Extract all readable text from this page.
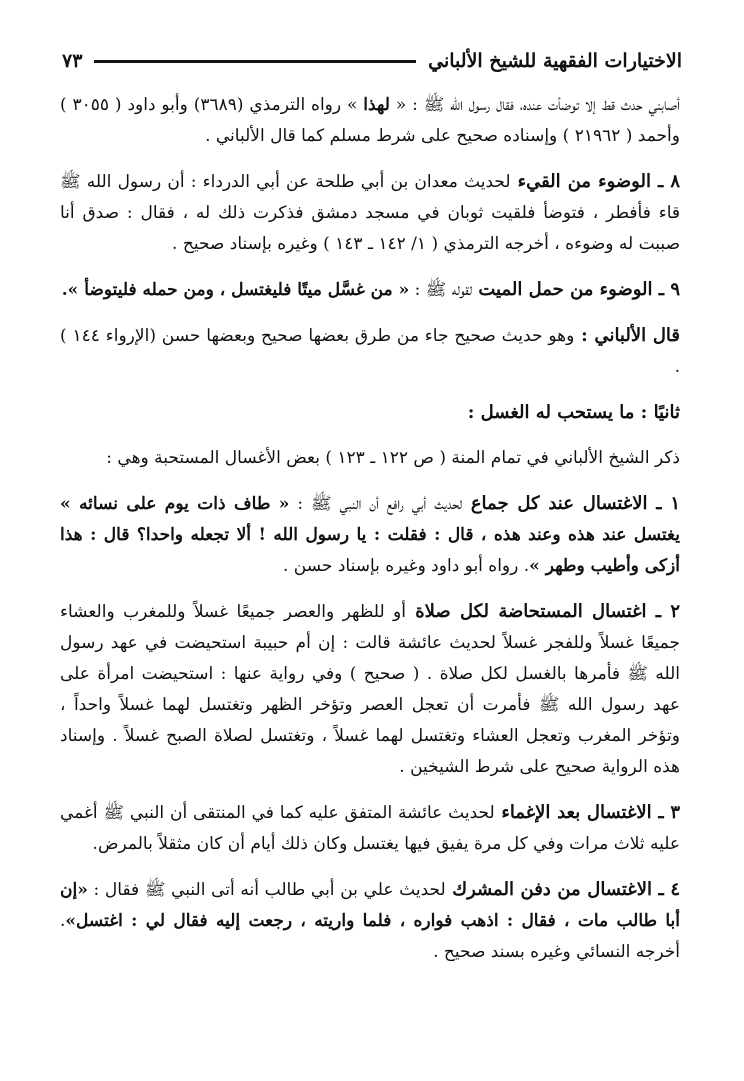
الاختيارات الفقهية للشيخ الألباني
٧٣

أصابني حدث قط إلا توضأت عنده، فقال رسول الله ﷺ : « لهذا » رواه الترمذي (٣٦٨٩) وأبو داود ( ٣٠٥٥ ) وأحمد ( ٢١٩٦٢ ) وإسناده صحيح على شرط مسلم كما قال الألباني .

٨ ـ الوضوء من القيء لحديث معدان بن أبي طلحة عن أبي الدرداء : أن رسول الله ﷺ قاء فأفطر ، فتوضأ فلقيت ثوبان في مسجد دمشق فذكرت ذلك له ، فقال : صدق أنا صببت له وضوءه ، أخرجه الترمذي ( ١/ ١٤٢ ـ ١٤٣ ) وغيره بإسناد صحيح .

٩ ـ الوضوء من حمل الميت لقوله ﷺ : « من غسَّل ميتًا فليغتسل ، ومن حمله فليتوضأ ».

قال الألباني : وهو حديث صحيح جاء من طرق بعضها صحيح وبعضها حسن (الإرواء ١٤٤ ) .

ثانيًا : ما يستحب له الغسل :

ذكر الشيخ الألباني في تمام المنة ( ص ١٢٢ ـ ١٢٣ ) بعض الأغسال المستحبة وهي :

١ ـ الاغتسال عند كل جماع لحديث أبي رافع أن النبي ﷺ : « طاف ذات يوم على نسائه » يغتسل عند هذه وعند هذه ، قال : فقلت : يا رسول الله ! ألا تجعله واحدا؟ قال : هذا أزكى وأطيب وطهر ». رواه أبو داود وغيره بإسناد حسن .

٢ ـ اغتسال المستحاضة لكل صلاة أو للظهر والعصر جميعًا غسلاً وللمغرب والعشاء جميعًا غسلاً وللفجر غسلاً لحديث عائشة قالت : إن أم حبيبة استحيضت في عهد رسول الله ﷺ فأمرها بالغسل لكل صلاة . ( صحيح ) وفي رواية عنها : استحيضت امرأة على عهد رسول الله ﷺ فأمرت أن تعجل العصر وتؤخر الظهر وتغتسل لهما غسلاً واحداً ، وتؤخر المغرب وتعجل العشاء وتغتسل لهما غسلاً ، وتغتسل لصلاة الصبح غسلاً . وإسناد هذه الرواية صحيح على شرط الشيخين .

٣ ـ الاغتسال بعد الإغماء لحديث عائشة المتفق عليه كما في المنتقى أن النبي ﷺ أغمي عليه ثلاث مرات وفي كل مرة يفيق فيها يغتسل وكان ذلك أيام أن كان مثقلاً بالمرض.

٤ ـ الاغتسال من دفن المشرك لحديث علي بن أبي طالب أنه أتى النبي ﷺ فقال : «إن أبا طالب مات ، فقال : اذهب فواره ، فلما واريته ، رجعت إليه فقال لي : اغتسل». أخرجه النسائي وغيره بسند صحيح .
